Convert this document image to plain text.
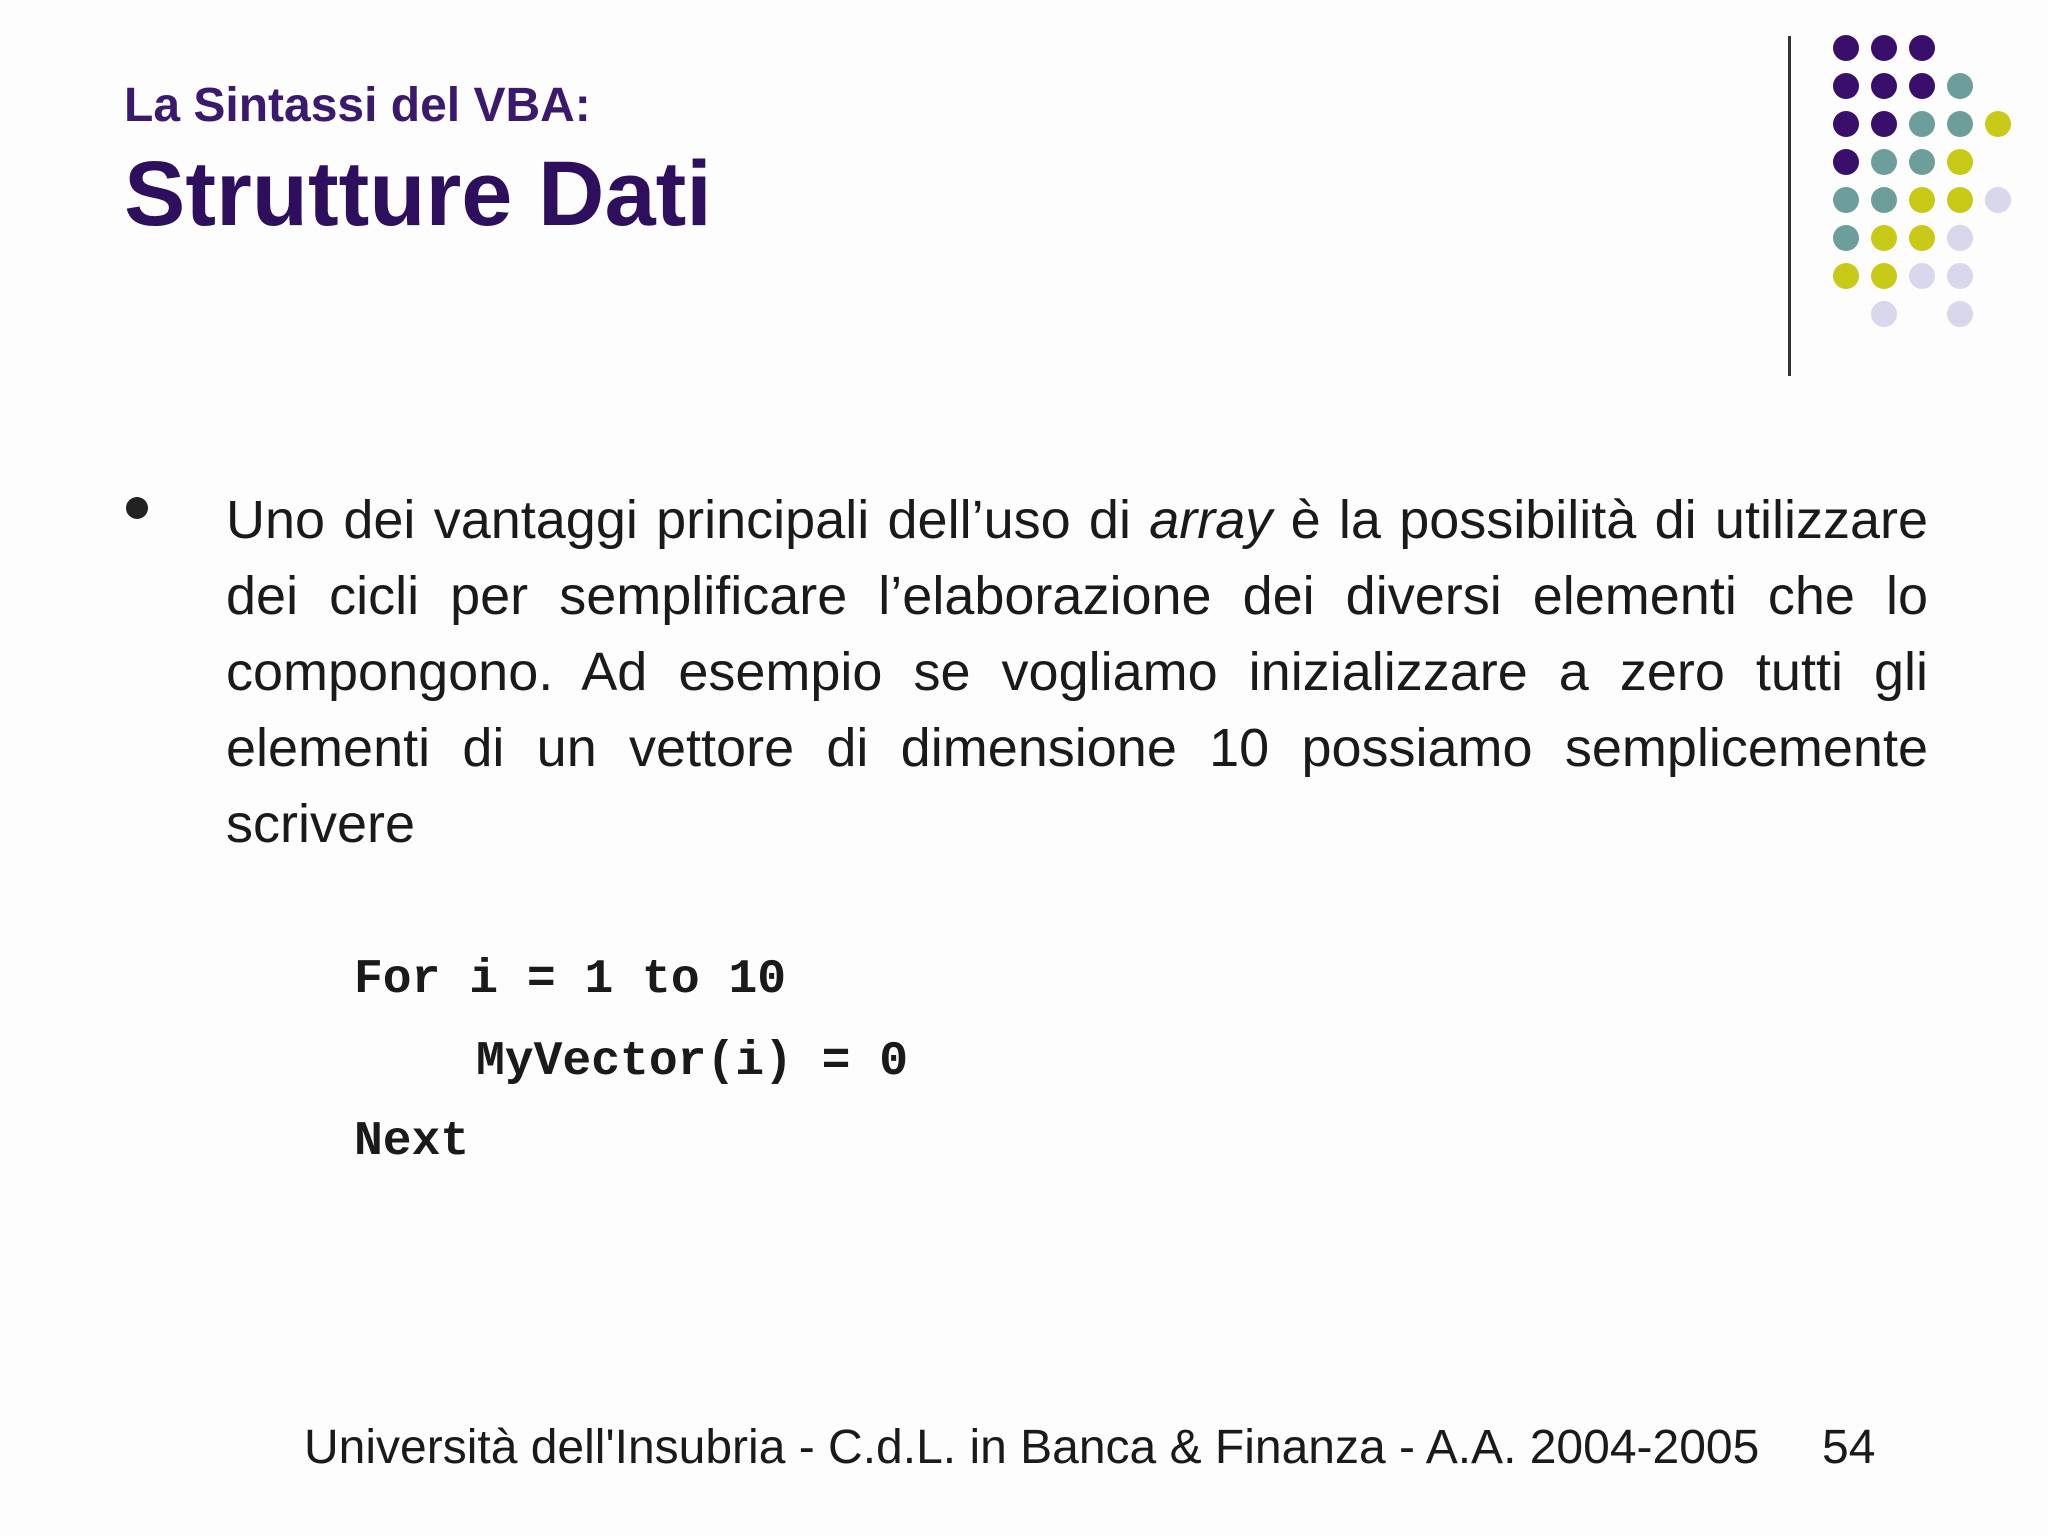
La Sintassi del VBA:
Strutture Dati
Uno dei vantaggi principali dell’uso di array è la possibilità di utilizzare dei cicli per semplificare l’elaborazione dei diversi elementi che lo compongono. Ad esempio se vogliamo inizializzare a zero tutti gli elementi di un vettore di dimensione 10 possiamo semplicemente scrivere
For i = 1 to 10
MyVector(i) = 0
Next
Università dell'Insubria - C.d.L. in Banca & Finanza - A.A. 2004-2005 54
